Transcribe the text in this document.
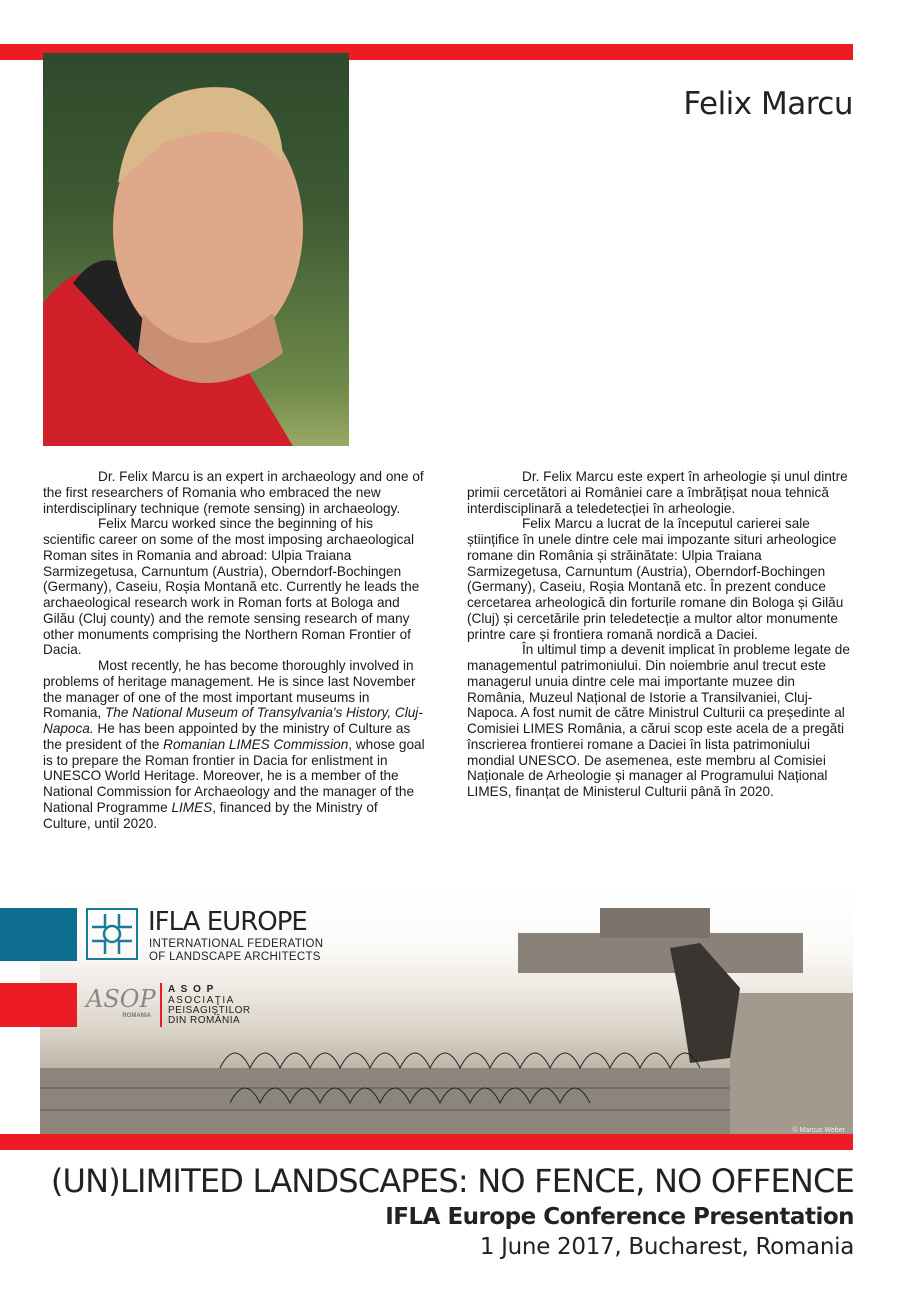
Felix Marcu

Dr. Felix Marcu is an expert in archaeology and one of the first researchers of Romania who embraced the new interdisciplinary technique (remote sensing) in archaeology.

Felix Marcu worked since the beginning of his scientific career on some of the most imposing archaeological Roman sites in Romania and abroad: Ulpia Traiana Sarmizegetusa, Carnuntum (Austria), Oberndorf-Bochingen (Germany), Caseiu, Roșia Montană etc. Currently he leads the archaeological research work in Roman forts at Bologa and Gilău (Cluj county) and the remote sensing research of many other monuments comprising the Northern Roman Frontier of Dacia.

Most recently, he has become thoroughly involved in problems of heritage management. He is since last November the manager of one of the most important museums in Romania, The National Museum of Transylvania's History, Cluj-Napoca. He has been appointed by the ministry of Culture as the president of the Romanian LIMES Commission, whose goal is to prepare the Roman frontier in Dacia for enlistment in UNESCO World Heritage. Moreover, he is a member of the National Commission for Archaeology and the manager of the National Programme LIMES, financed by the Ministry of Culture, until 2020.

Dr. Felix Marcu este expert în arheologie și unul dintre primii cercetători ai României care a îmbrățișat noua tehnică interdisciplinară a teledetecției în arheologie.

Felix Marcu a lucrat de la începutul carierei sale științifice în unele dintre cele mai impozante situri arheologice romane din România și străinătate: Ulpia Traiana Sarmizegetusa, Carnuntum (Austria), Oberndorf-Bochingen (Germany), Caseiu, Roșia Montană etc. În prezent conduce cercetarea arheologică din forturile romane din Bologa și Gilău (Cluj) și cercetările prin teledetecție a multor altor monumente printre care și frontiera romană nordică a Daciei.

În ultimul timp a devenit implicat în probleme legate de managementul patrimoniului. Din noiembrie anul trecut este managerul unuia dintre cele mai importante muzee din România, Muzeul Național de Istorie a Transilvaniei, Cluj-Napoca. A fost numit de către Ministrul Culturii ca președinte al Comisiei LIMES România, a cărui scop este acela de a pregăti înscrierea frontierei romane a Daciei în lista patrimoniului mondial UNESCO. De asemenea, este membru al Comisiei Naționale de Arheologie și manager al Programului Național LIMES, finanțat de Ministerul Culturii până în 2020.

IFLA EUROPE
INTERNATIONAL FEDERATION
OF LANDSCAPE ARCHITECTS
ASOP
ROMANIA
A S O P
ASOCIAŢIA
PEISAGIŞTILOR
DIN ROMÂNIA
© Marcus Weber
(UN)LIMITED LANDSCAPES: NO FENCE, NO OFFENCE
IFLA Europe Conference Presentation
1 June 2017, Bucharest, Romania
